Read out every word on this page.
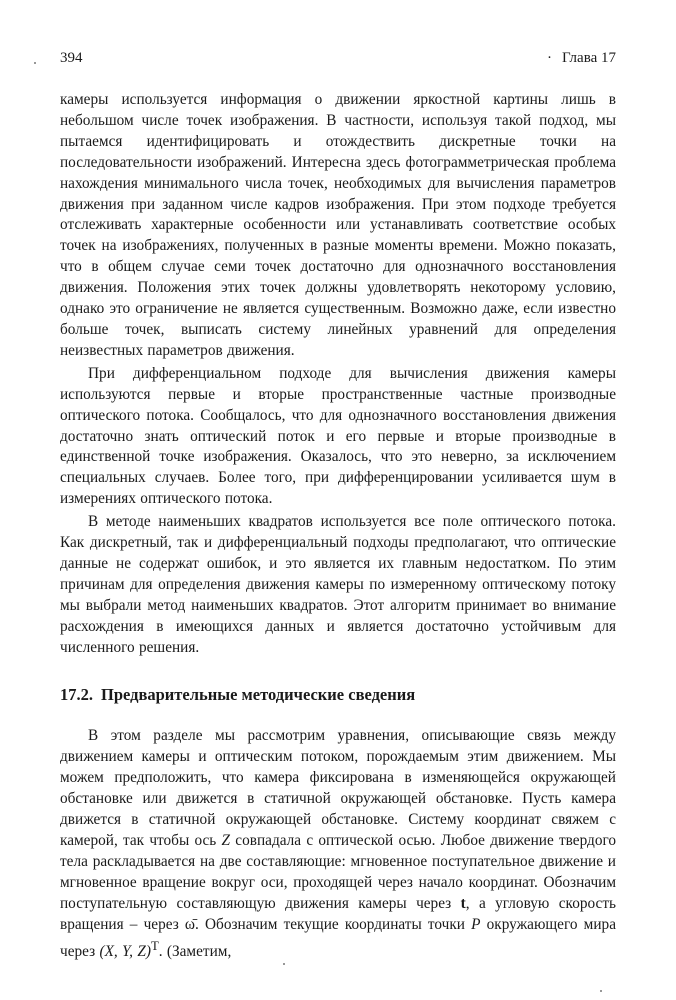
394	· Глава 17

камеры используется информация о движении яркостной картины лишь в небольшом числе точек изображения. В частности, используя такой подход, мы пытаемся идентифицировать и отождествить дискретные точки на последовательности изображений. Интересна здесь фотограмметрическая проблема нахождения минимального числа точек, необходимых для вычисления параметров движения при заданном числе кадров изображения. При этом подходе требуется отслеживать характерные особенности или устанавливать соответствие особых точек на изображениях, полученных в разные моменты времени. Можно показать, что в общем случае семи точек достаточно для однозначного восстановления движения. Положения этих точек должны удовлетворять некоторому условию, однако это ограничение не является существенным. Возможно даже, если известно больше точек, выписать систему линейных уравнений для определения неизвестных параметров движения.

При дифференциальном подходе для вычисления движения камеры используются первые и вторые пространственные частные производные оптического потока. Сообщалось, что для однозначного восстановления движения достаточно знать оптический поток и его первые и вторые производные в единственной точке изображения. Оказалось, что это неверно, за исключением специальных случаев. Более того, при дифференцировании усиливается шум в измерениях оптического потока.

В методе наименьших квадратов используется все поле оптического потока. Как дискретный, так и дифференциальный подходы предполагают, что оптические данные не содержат ошибок, и это является их главным недостатком. По этим причинам для определения движения камеры по измеренному оптическому потоку мы выбрали метод наименьших квадратов. Этот алгоритм принимает во внимание расхождения в имеющихся данных и является достаточно устойчивым для численного решения.

17.2. Предварительные методические сведения

В этом разделе мы рассмотрим уравнения, описывающие связь между движением камеры и оптическим потоком, порождаемым этим движением. Мы можем предположить, что камера фиксирована в изменяющейся окружающей обстановке или движется в статичной окружающей обстановке. Пусть камера движется в статичной окружающей обстановке. Систему координат свяжем с камерой, так чтобы ось Z совпадала с оптической осью. Любое движение твердого тела раскладывается на две составляющие: мгновенное поступательное движение и мгновенное вращение вокруг оси, проходящей через начало координат. Обозначим поступательную составляющую движения камеры через t, а угловую скорость вращения – через ω̄. Обозначим текущие координаты точки P окружающего мира через (X, Y, Z)$^T$. (Заметим,
